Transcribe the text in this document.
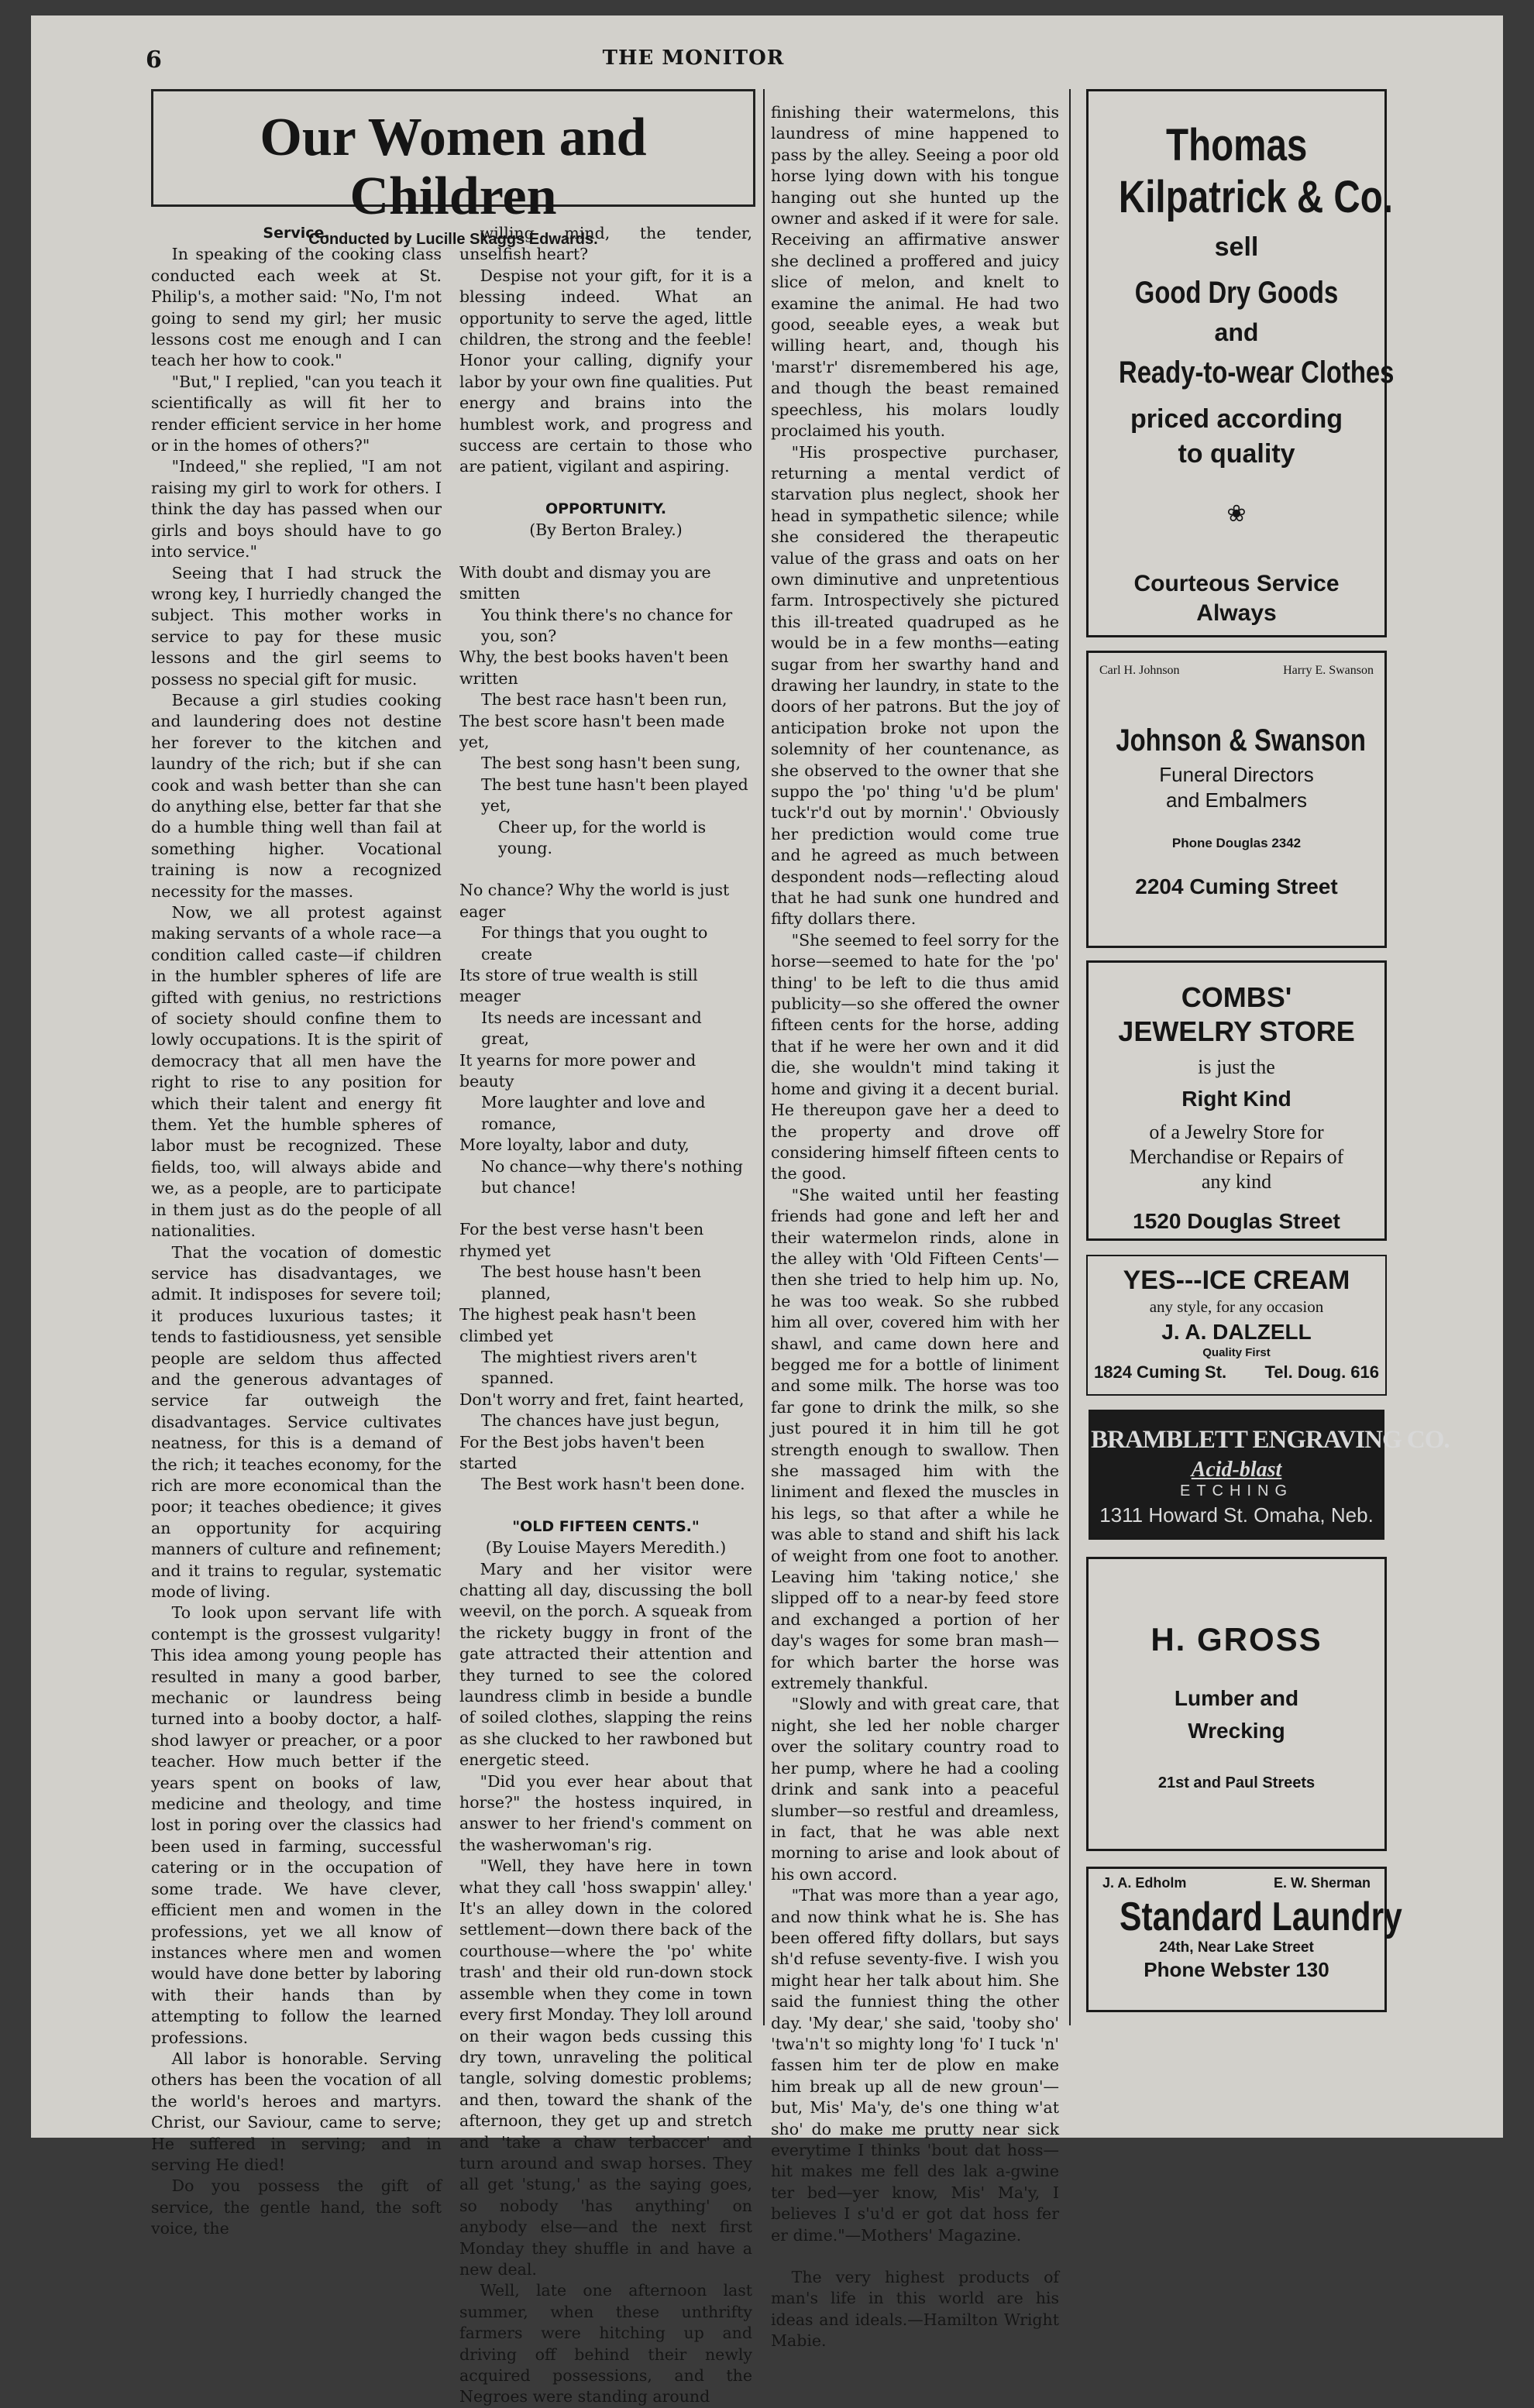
6	THE MONITOR
Our Women and Children
Conducted by Lucille Skaggs Edwards.

Service.

In speaking of the cooking class conducted each week at St. Philip's, a mother said: "No, I'm not going to send my girl; her music lessons cost me enough and I can teach her how to cook."

"But," I replied, "can you teach it scientifically as will fit her to render efficient service in her home or in the homes of others?"

"Indeed," she replied, "I am not raising my girl to work for others. I think the day has passed when our girls and boys should have to go into service."

Seeing that I had struck the wrong key, I hurriedly changed the subject. This mother works in service to pay for these music lessons and the girl seems to possess no special gift for music.

Because a girl studies cooking and laundering does not destine her forever to the kitchen and laundry of the rich; but if she can cook and wash better than she can do anything else, better far that she do a humble thing well than fail at something higher. Vocational training is now a recognized necessity for the masses.

Now, we all protest against making servants of a whole race—a condition called caste—if children in the humbler spheres of life are gifted with genius, no restrictions of society should confine them to lowly occupations. It is the spirit of democracy that all men have the right to rise to any position for which their talent and energy fit them. Yet the humble spheres of labor must be recognized. These fields, too, will always abide and we, as a people, are to participate in them just as do the people of all nationalities.

That the vocation of domestic service has disadvantages, we admit. It indisposes for severe toil; it produces luxurious tastes; it tends to fastidiousness, yet sensible people are seldom thus affected and the generous advantages of service far outweigh the disadvantages. Service cultivates neatness, for this is a demand of the rich; it teaches economy, for the rich are more economical than the poor; it teaches obedience; it gives an opportunity for acquiring manners of culture and refinement; and it trains to regular, systematic mode of living.

To look upon servant life with contempt is the grossest vulgarity! This idea among young people has resulted in many a good barber, mechanic or laundress being turned into a booby doctor, a half-shod lawyer or preacher, or a poor teacher. How much better if the years spent on books of law, medicine and theology, and time lost in poring over the classics had been used in farming, successful catering or in the occupation of some trade. We have clever, efficient men and women in the professions, yet we all know of instances where men and women would have done better by laboring with their hands than by attempting to follow the learned professions.

All labor is honorable. Serving others has been the vocation of all the world's heroes and martyrs. Christ, our Saviour, came to serve; He suffered in serving; and in serving He died!

Do you possess the gift of service, the gentle hand, the soft voice, the

willing mind, the tender, unselfish heart?

Despise not your gift, for it is a blessing indeed. What an opportunity to serve the aged, little children, the strong and the feeble! Honor your calling, dignify your labor by your own fine qualities. Put energy and brains into the humblest work, and progress and success are certain to those who are patient, vigilant and aspiring.

OPPORTUNITY.

(By Berton Braley.)

With doubt and dismay you are smitten
You think there's no chance for you, son?
Why, the best books haven't been written
The best race hasn't been run,
The best score hasn't been made yet,
The best song hasn't been sung,
The best tune hasn't been played yet,
Cheer up, for the world is young.
No chance? Why the world is just eager
For things that you ought to create
Its store of true wealth is still meager
Its needs are incessant and great,
It yearns for more power and beauty
More laughter and love and romance,
More loyalty, labor and duty,
No chance—why there's nothing but chance!
For the best verse hasn't been rhymed yet
The best house hasn't been planned,
The highest peak hasn't been climbed yet
The mightiest rivers aren't spanned.
Don't worry and fret, faint hearted,
The chances have just begun,
For the Best jobs haven't been started
The Best work hasn't been done.

"OLD FIFTEEN CENTS."

(By Louise Mayers Meredith.)

Mary and her visitor were chatting all day, discussing the boll weevil, on the porch. A squeak from the rickety buggy in front of the gate attracted their attention and they turned to see the colored laundress climb in beside a bundle of soiled clothes, slapping the reins as she clucked to her rawboned but energetic steed.

"Did you ever hear about that horse?" the hostess inquired, in answer to her friend's comment on the washerwoman's rig.

"Well, they have here in town what they call 'hoss swappin' alley.' It's an alley down in the colored settlement—down there back of the courthouse—where the 'po' white trash' and their old run-down stock assemble when they come in town every first Monday. They loll around on their wagon beds cussing this dry town, unraveling the political tangle, solving domestic problems; and then, toward the shank of the afternoon, they get up and stretch and 'take a chaw terbaccer' and turn around and swap horses. They all get 'stung,' as the saying goes, so nobody 'has anything' on anybody else—and the next first Monday they shuffle in and have a new deal.

Well, late one afternoon last summer, when these unthrifty farmers were hitching up and driving off behind their newly acquired possessions, and the Negroes were standing around

finishing their watermelons, this laundress of mine happened to pass by the alley. Seeing a poor old horse lying down with his tongue hanging out she hunted up the owner and asked if it were for sale. Receiving an affirmative answer she declined a proffered and juicy slice of melon, and knelt to examine the animal. He had two good, seeable eyes, a weak but willing heart, and, though his 'marst'r' disremembered his age, and though the beast remained speechless, his molars loudly proclaimed his youth.

"His prospective purchaser, returning a mental verdict of starvation plus neglect, shook her head in sympathetic silence; while she considered the therapeutic value of the grass and oats on her own diminutive and unpretentious farm. Introspectively she pictured this ill-treated quadruped as he would be in a few months—eating sugar from her swarthy hand and drawing her laundry, in state to the doors of her patrons. But the joy of anticipation broke not upon the solemnity of her countenance, as she observed to the owner that she suppo the 'po' thing 'u'd be plum' tuck'r'd out by mornin'.' Obviously her prediction would come true and he agreed as much between despondent nods—reflecting aloud that he had sunk one hundred and fifty dollars there.

"She seemed to feel sorry for the horse—seemed to hate for the 'po' thing' to be left to die thus amid publicity—so she offered the owner fifteen cents for the horse, adding that if he were her own and it did die, she wouldn't mind taking it home and giving it a decent burial. He thereupon gave her a deed to the property and drove off considering himself fifteen cents to the good.

"She waited until her feasting friends had gone and left her and their watermelon rinds, alone in the alley with 'Old Fifteen Cents'—then she tried to help him up. No, he was too weak. So she rubbed him all over, covered him with her shawl, and came down here and begged me for a bottle of liniment and some milk. The horse was too far gone to drink the milk, so she just poured it in him till he got strength enough to swallow. Then she massaged him with the liniment and flexed the muscles in his legs, so that after a while he was able to stand and shift his lack of weight from one foot to another. Leaving him 'taking notice,' she slipped off to a near-by feed store and exchanged a portion of her day's wages for some bran mash—for which barter the horse was extremely thankful.

"Slowly and with great care, that night, she led her noble charger over the solitary country road to her pump, where he had a cooling drink and sank into a peaceful slumber—so restful and dreamless, in fact, that he was able next morning to arise and look about of his own accord.

"That was more than a year ago, and now think what he is. She has been offered fifty dollars, but says sh'd refuse seventy-five. I wish you might hear her talk about him. She said the funniest thing the other day. 'My dear,' she said, 'tooby sho' 'twa'n't so mighty long 'fo' I tuck 'n' fassen him ter de plow en make him break up all de new groun'—but, Mis' Ma'y, de's one thing w'at sho' do make me prutty near sick everytime I thinks 'bout dat hoss—hit makes me fell des lak a-gwine ter bed—yer know, Mis' Ma'y, I believes I s'u'd er got dat hoss fer er dime."—Mothers' Magazine.

The very highest products of man's life in this world are his ideas and ideals.—Hamilton Wright Mabie.

Thomas
Kilpatrick & Co.
sell
Good Dry Goods
and
Ready-to-wear Clothes
priced according
to quality
❀
Courteous Service
Always
Carl H. Johnson	Harry E. Swanson
Johnson & Swanson
Funeral Directors
and Embalmers
Phone Douglas 2342
2204 Cuming Street
COMBS'
JEWELRY STORE
is just the
Right Kind
of a Jewelry Store for
Merchandise or Repairs of
any kind
1520 Douglas Street
YES---ICE CREAM
any style, for any occasion
J. A. DALZELL
Quality First
1824 Cuming St. Tel. Doug. 616
BRAMBLETT ENGRAVING CO.
Acid-blast
ETCHING
1311 Howard St. Omaha, Neb.
H. GROSS
Lumber and
Wrecking
21st and Paul Streets
J. A. Edholm	E. W. Sherman
Standard Laundry
24th, Near Lake Street
Phone Webster 130
